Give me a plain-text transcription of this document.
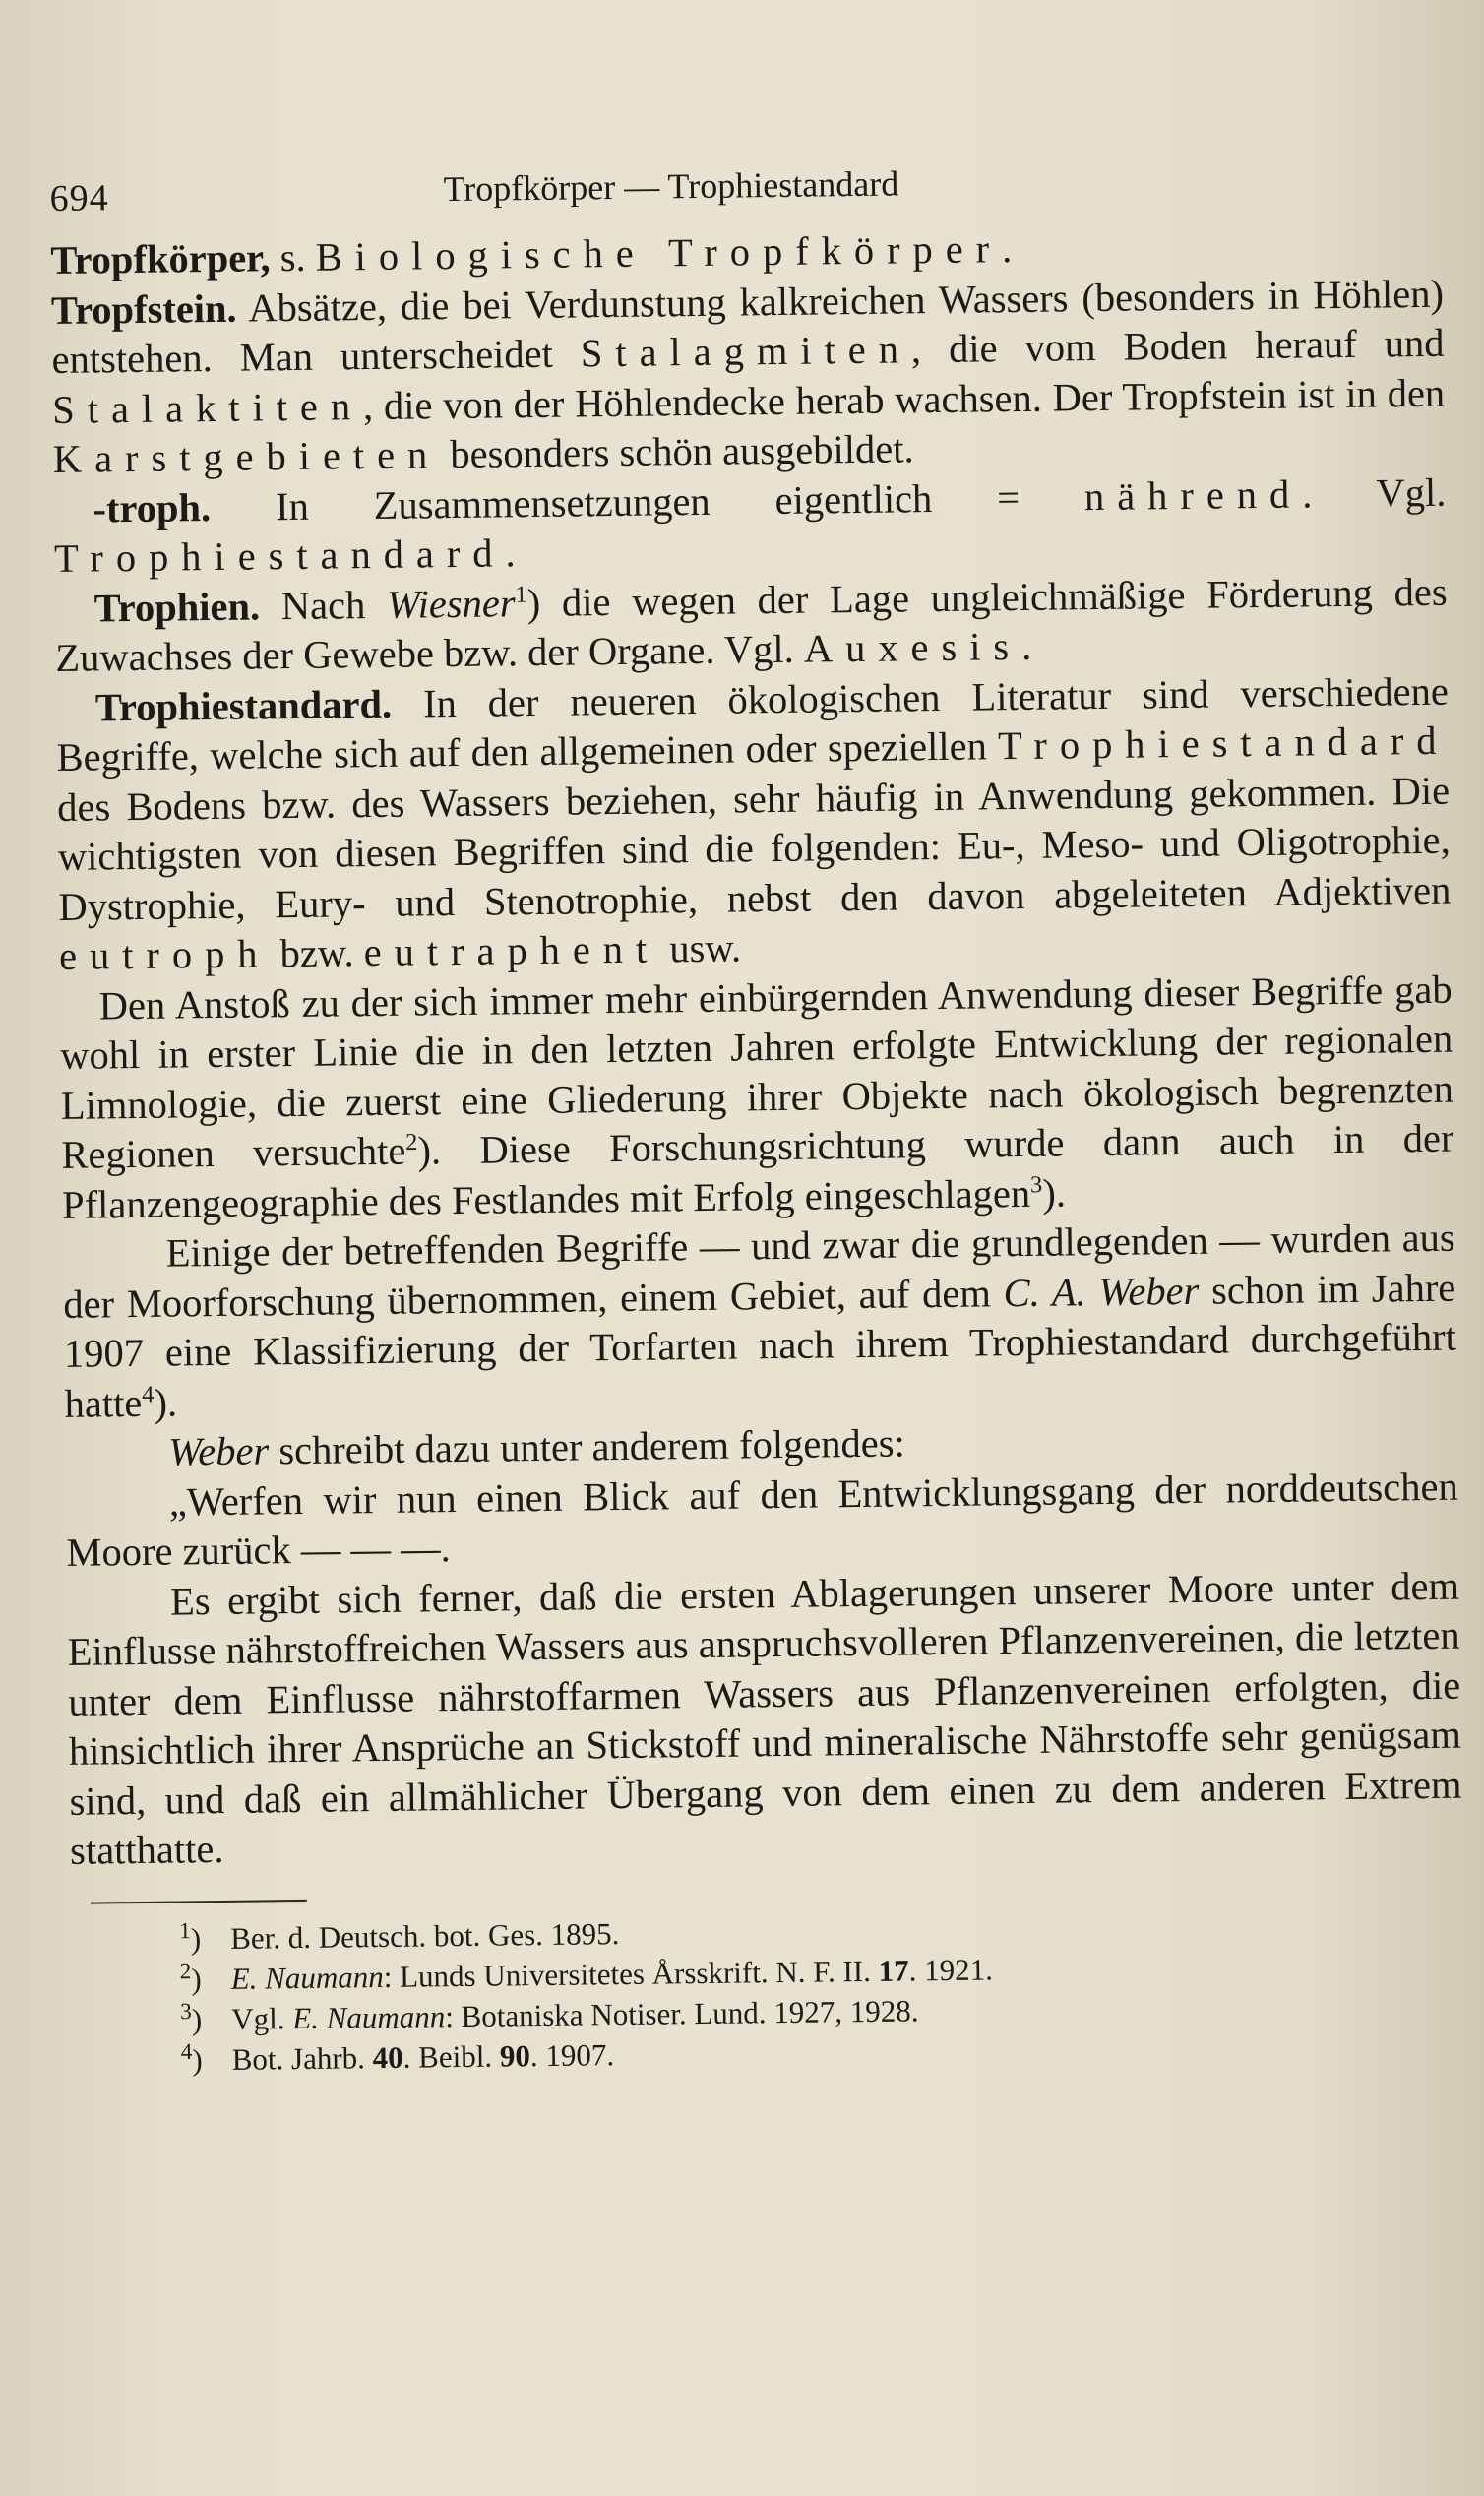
694	Tropfkörper — Trophiestandard

Tropfkörper, s. Biologische Tropfkörper.

Tropfstein. Absätze, die bei Verdunstung kalkreichen Wassers (besonders in Höhlen) entstehen. Man unterscheidet Stalagmiten, die vom Boden herauf und Stalaktiten, die von der Höhlendecke herab wachsen. Der Tropfstein ist in den Karstgebieten besonders schön ausgebildet.

-troph. In Zusammensetzungen eigentlich = nährend. Vgl. Trophiestandard.

Trophien. Nach Wiesner$^1$) die wegen der Lage ungleichmäßige Förderung des Zuwachses der Gewebe bzw. der Organe. Vgl. Auxesis.

Trophiestandard. In der neueren ökologischen Literatur sind verschiedene Begriffe, welche sich auf den allgemeinen oder speziellen Trophiestandard des Bodens bzw. des Wassers beziehen, sehr häufig in Anwendung gekommen. Die wichtigsten von diesen Begriffen sind die folgenden: Eu-, Meso- und Oligotrophie, Dystrophie, Eury- und Stenotrophie, nebst den davon abgeleiteten Adjektiven eutroph bzw. eutraphent usw.

Den Anstoß zu der sich immer mehr einbürgernden Anwendung dieser Begriffe gab wohl in erster Linie die in den letzten Jahren erfolgte Entwicklung der regionalen Limnologie, die zuerst eine Gliederung ihrer Objekte nach ökologisch begrenzten Regionen versuchte$^2$). Diese Forschungsrichtung wurde dann auch in der Pflanzengeographie des Festlandes mit Erfolg eingeschlagen$^3$).

Einige der betreffenden Begriffe — und zwar die grundlegenden — wurden aus der Moorforschung übernommen, einem Gebiet, auf dem C. A. Weber schon im Jahre 1907 eine Klassifizierung der Torfarten nach ihrem Trophiestandard durchgeführt hatte$^4$).

Weber schreibt dazu unter anderem folgendes:

„Werfen wir nun einen Blick auf den Entwicklungsgang der norddeutschen Moore zurück — — —.

Es ergibt sich ferner, daß die ersten Ablagerungen unserer Moore unter dem Einflusse nährstoffreichen Wassers aus anspruchsvolleren Pflanzenvereinen, die letzten unter dem Einflusse nährstoffarmen Wassers aus Pflanzenvereinen erfolgten, die hinsichtlich ihrer Ansprüche an Stickstoff und mineralische Nährstoffe sehr genügsam sind, und daß ein allmählicher Übergang von dem einen zu dem anderen Extrem statthatte.

$^1$) Ber. d. Deutsch. bot. Ges. 1895.

$^2$) E. Naumann: Lunds Universitetes Årsskrift. N. F. II. 17. 1921.

$^3$) Vgl. E. Naumann: Botaniska Notiser. Lund. 1927, 1928.

$^4$) Bot. Jahrb. 40. Beibl. 90. 1907.
